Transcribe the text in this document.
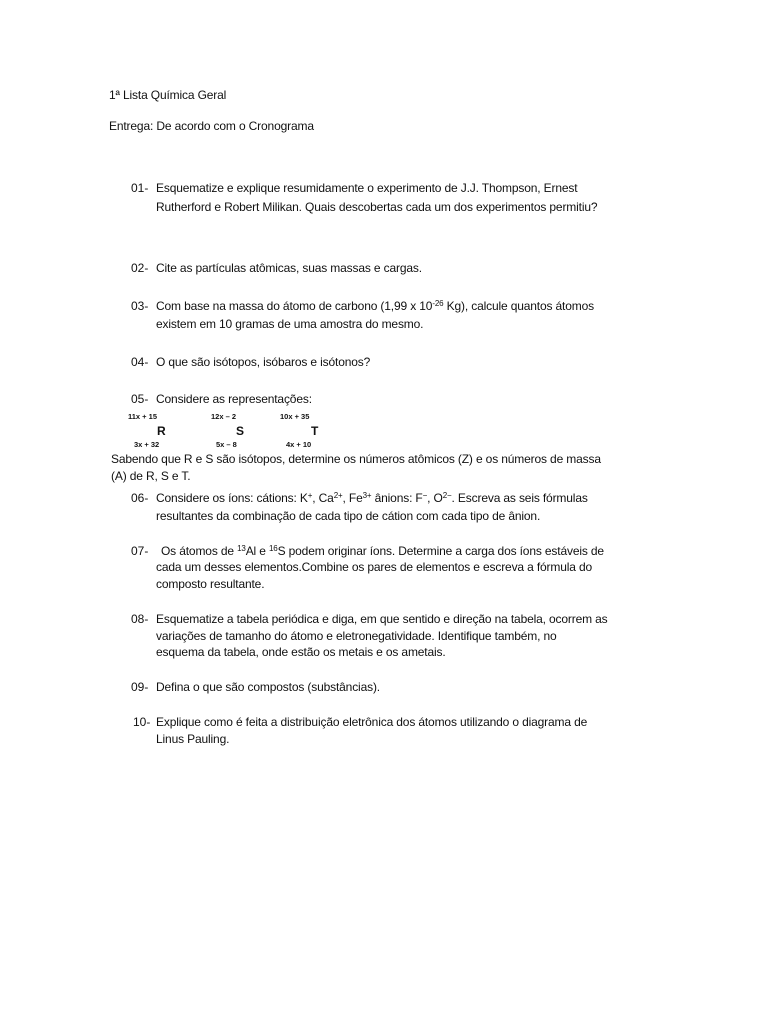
1ª Lista Química Geral
Entrega: De acordo com o Cronograma
01- Esquematize e explique resumidamente o experimento de J.J. Thompson, Ernest
Rutherford e Robert Milikan. Quais descobertas cada um dos experimentos permitiu?
02- Cite as partículas atômicas, suas massas e cargas.
03- Com base na massa do átomo de carbono (1,99 x $10^{-26}$ Kg), calcule quantos átomos
existem em 10 gramas de uma amostra do mesmo.
04- O que são isótopos, isóbaros e isótonos?
05- Considere as representações:
11x + 15	12x – 2	10x + 35
R	S	T
3x + 32	5x – 8	4x + 10
Sabendo que R e S são isótopos, determine os números atômicos (Z) e os números de massa
(A) de R, S e T.
06- Considere os íons: cátions: K+, $Ca^{2+}$, $Fe^{3+}$ ânions: F−, $O^{2-}$. Escreva as seis fórmulas
resultantes da combinação de cada tipo de cátion com cada tipo de ânion.
07- Os átomos de $^{13}$Al e $^{16}$S podem originar íons. Determine a carga dos íons estáveis de
cada um desses elementos.Combine os pares de elementos e escreva a fórmula do
composto resultante.
08- Esquematize a tabela periódica e diga, em que sentido e direção na tabela, ocorrem as
variações de tamanho do átomo e eletronegatividade. Identifique também, no
esquema da tabela, onde estão os metais e os ametais.
09- Defina o que são compostos (substâncias).
10- Explique como é feita a distribuição eletrônica dos átomos utilizando o diagrama de
Linus Pauling.
